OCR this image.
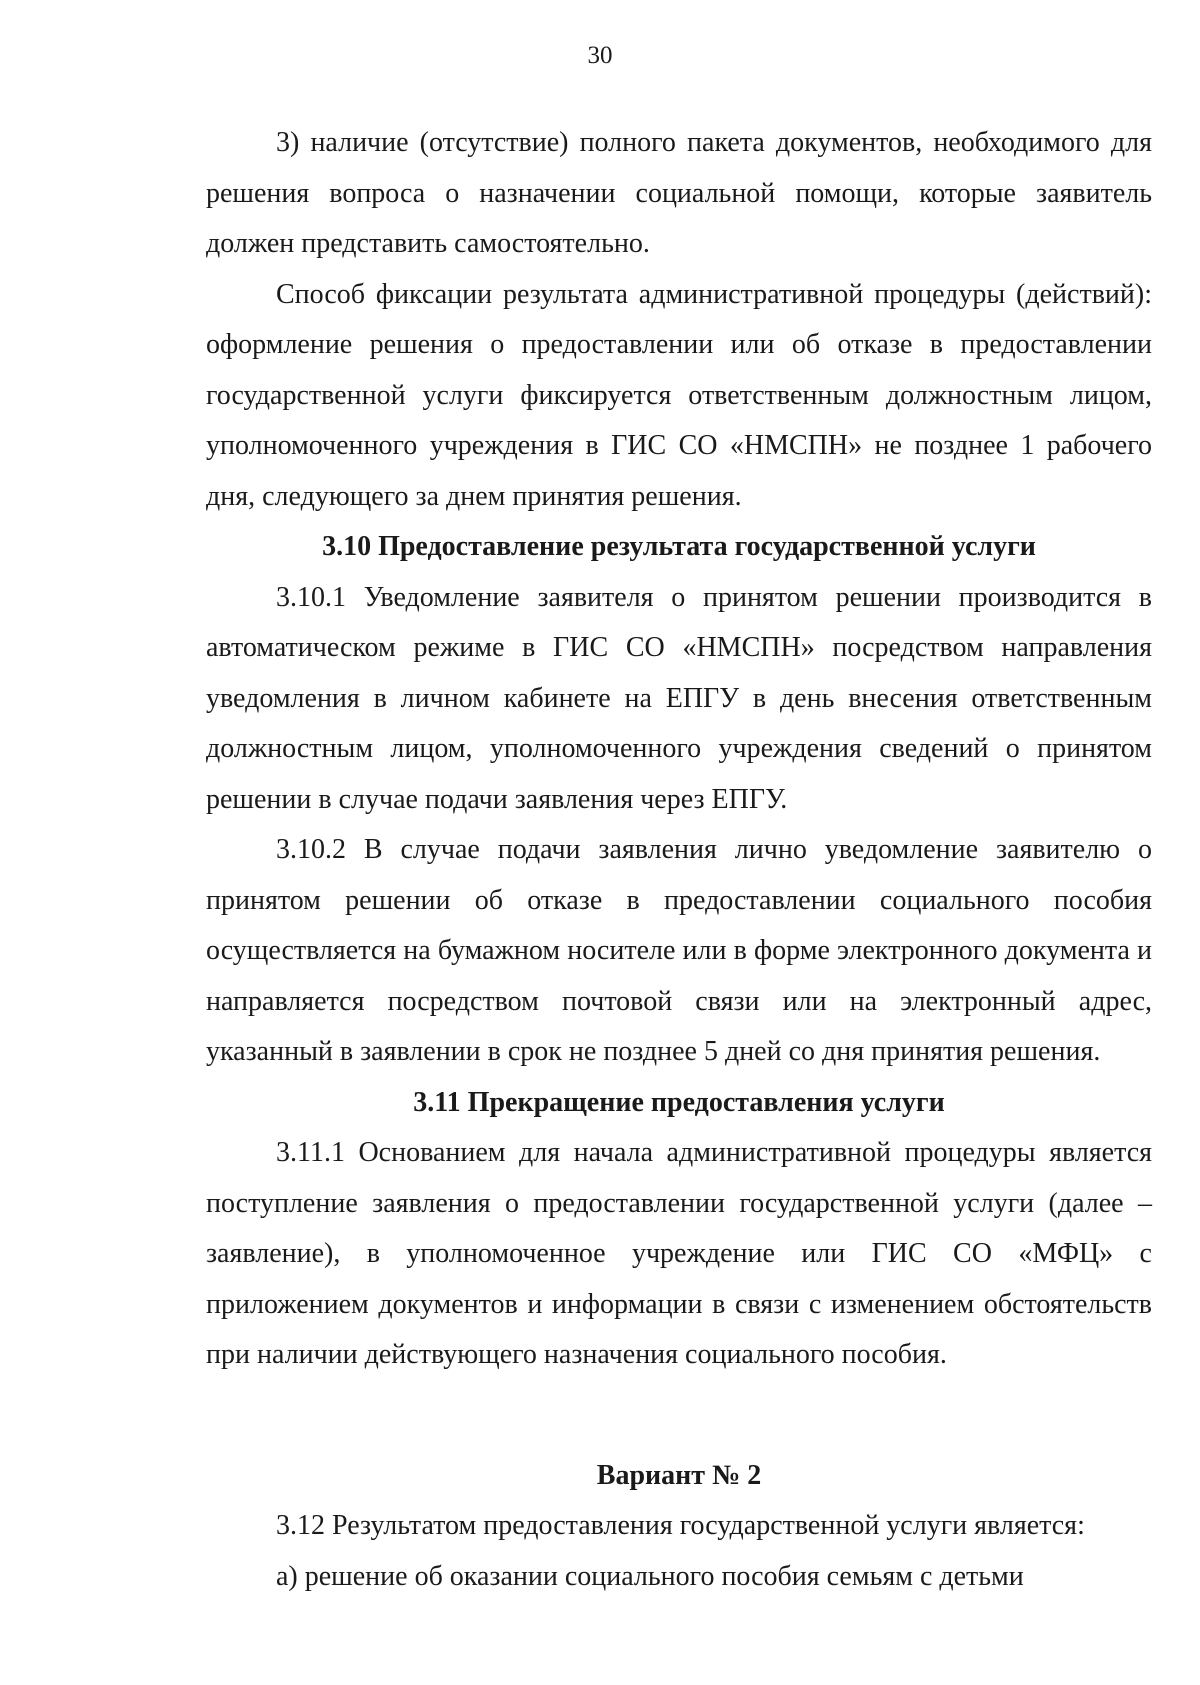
30

3) наличие (отсутствие) полного пакета документов, необходимого для решения вопроса о назначении социальной помощи, которые заявитель должен представить самостоятельно.

Способ фиксации результата административной процедуры (действий): оформление решения о предоставлении или об отказе в предоставлении государственной услуги фиксируется ответственным должностным лицом, уполномоченного учреждения в ГИС СО «НМСПН» не позднее 1 рабочего дня, следующего за днем принятия решения.

3.10 Предоставление результата государственной услуги

3.10.1 Уведомление заявителя о принятом решении производится в автоматическом режиме в ГИС СО «НМСПН» посредством направления уведомления в личном кабинете на ЕПГУ в день внесения ответственным должностным лицом, уполномоченного учреждения сведений о принятом решении в случае подачи заявления через ЕПГУ.

3.10.2 В случае подачи заявления лично уведомление заявителю о принятом решении об отказе в предоставлении социального пособия осуществляется на бумажном носителе или в форме электронного документа и направляется посредством почтовой связи или на электронный адрес, указанный в заявлении в срок не позднее 5 дней со дня принятия решения.

3.11 Прекращение предоставления услуги

3.11.1 Основанием для начала административной процедуры является поступление заявления о предоставлении государственной услуги (далее – заявление), в уполномоченное учреждение или ГИС СО «МФЦ» с приложением документов и информации в связи с изменением обстоятельств при наличии действующего назначения социального пособия.

Вариант № 2

3.12 Результатом предоставления государственной услуги является:

а) решение об оказании социального пособия семьям с детьми
